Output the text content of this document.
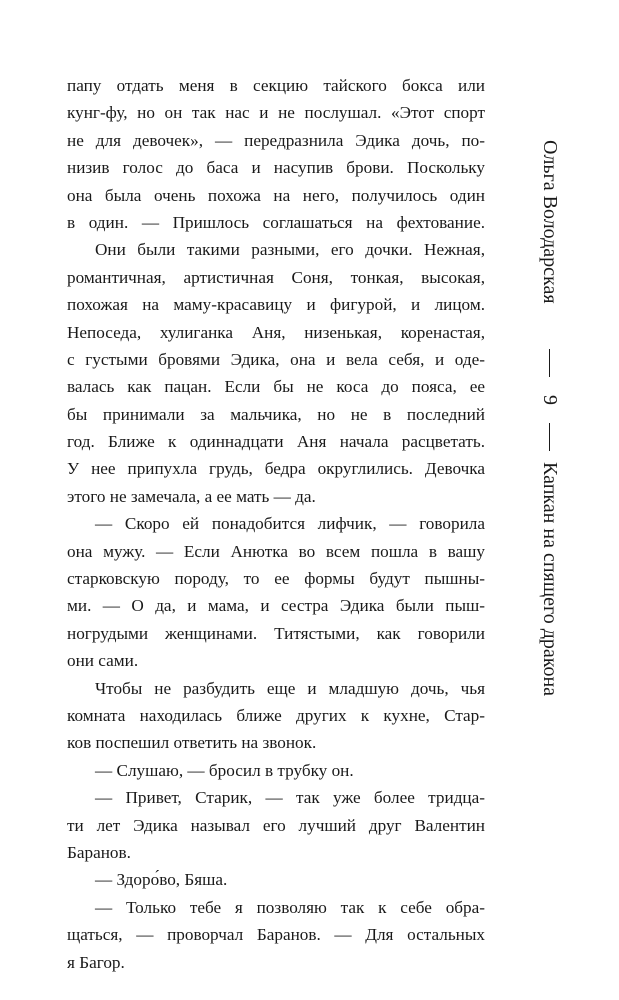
папу отдать меня в секцию тайского бокса или
кунг-фу, но он так нас и не послушал. «Этот спорт
не для девочек», — передразнила Эдика дочь, по-
низив голос до баса и насупив брови. Поскольку
она была очень похожа на него, получилось один
в один. — Пришлось соглашаться на фехтование.
Они были такими разными, его дочки. Нежная,
романтичная, артистичная Соня, тонкая, высокая,
похожая на маму-красавицу и фигурой, и лицом.
Непоседа, хулиганка Аня, низенькая, коренастая,
с густыми бровями Эдика, она и вела себя, и оде-
валась как пацан. Если бы не коса до пояса, ее
бы принимали за мальчика, но не в последний
год. Ближе к одиннадцати Аня начала расцветать.
У нее припухла грудь, бедра округлились. Девочка
этого не замечала, а ее мать — да.
— Скоро ей понадобится лифчик, — говорила
она мужу. — Если Анютка во всем пошла в вашу
старковскую породу, то ее формы будут пышны-
ми. — О да, и мама, и сестра Эдика были пыш-
ногрудыми женщинами. Титястыми, как говорили
они сами.
Чтобы не разбудить еще и младшую дочь, чья
комната находилась ближе других к кухне, Стар-
ков поспешил ответить на звонок.
— Слушаю, — бросил в трубку он.
— Привет, Старик, — так уже более тридца-
ти лет Эдика называл его лучший друг Валентин
Баранов.
— Здоро́во, Бяша.
— Только тебе я позволяю так к себе обра-
щаться, — проворчал Баранов. — Для остальных
я Багор.
Ольга Володарская
9
Капкан на спящего дракона
